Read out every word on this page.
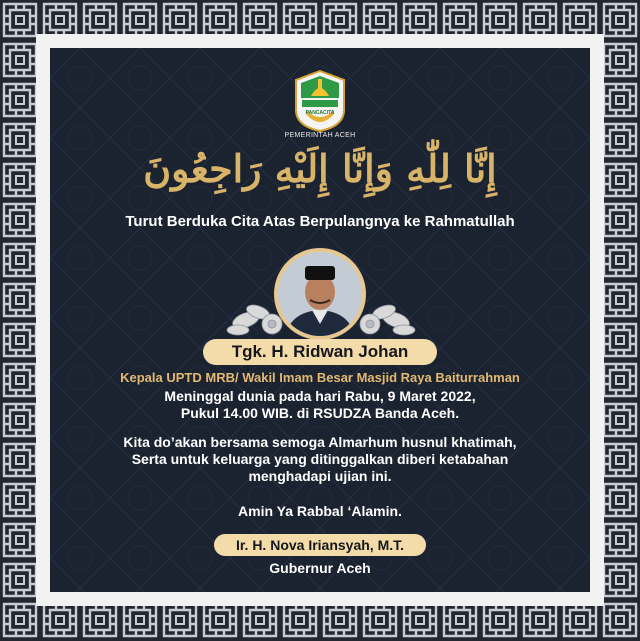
PANCACITA
PEMERINTAH ACEH
إِنَّا لِلّٰهِ وَإِنَّا إِلَيْهِ رَاجِعُونَ
Turut Berduka Cita Atas Berpulangnya ke Rahmatullah
Tgk. H. Ridwan Johan
Kepala UPTD MRB/ Wakil Imam Besar Masjid Raya Baiturrahman
Meninggal dunia pada hari Rabu, 9 Maret 2022,
Pukul 14.00 WIB. di RSUDZA Banda Aceh.
Kita do’akan bersama semoga Almarhum husnul khatimah,
Serta untuk keluarga yang ditinggalkan diberi ketabahan
menghadapi ujian ini.
Amin Ya Rabbal ‘Alamin.
Ir. H. Nova Iriansyah, M.T.
Gubernur Aceh
